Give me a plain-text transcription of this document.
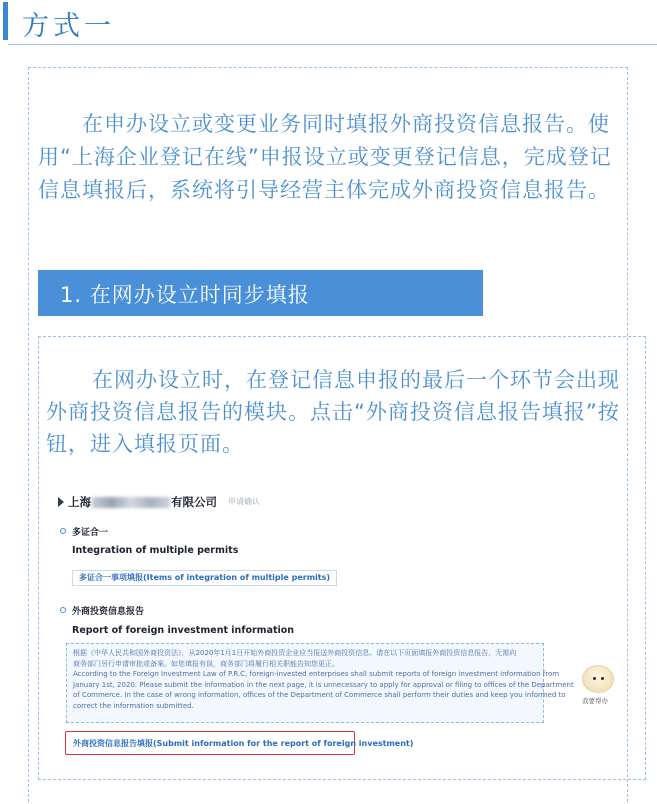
方式一

在申办设立或变更业务同时填报外商投资信息报告。使用“上海企业登记在线”申报设立或变更登记信息，完成登记信息填报后，系统将引导经营主体完成外商投资信息报告。

1. 在网办设立时同步填报

在网办设立时，在登记信息申报的最后一个环节会出现外商投资信息报告的模块。点击“外商投资信息报告填报”按钮，进入填报页面。

上海	有限公司 申请确认
多证合一
Integration of multiple permits
多证合一事项填报(Items of integration of multiple permits)
外商投资信息报告
Report of foreign investment information
根据《中华人民共和国外商投资法》，从2020年1月1日开始外商投资企业应当报送外商投资信息。请在以下页面填报外商投资信息报告，无需向
商务部门另行申请审批或备案。如您填报有误，商务部门将履行相关职能告知您更正。
According to the Foreign Investment Law of P.R.C, foreign-invested enterprises shall submit reports of foreign investment information from
January 1st, 2020. Please submit the information in the next page, it is unnecessary to apply for approval or filing to offices of the Department
of Commerce. In the case of wrong information, offices of the Department of Commerce shall perform their duties and keep you informed to
correct the information submitted.
外商投资信息报告填报(Submit information for the report of foreign investment)
我要帮办
